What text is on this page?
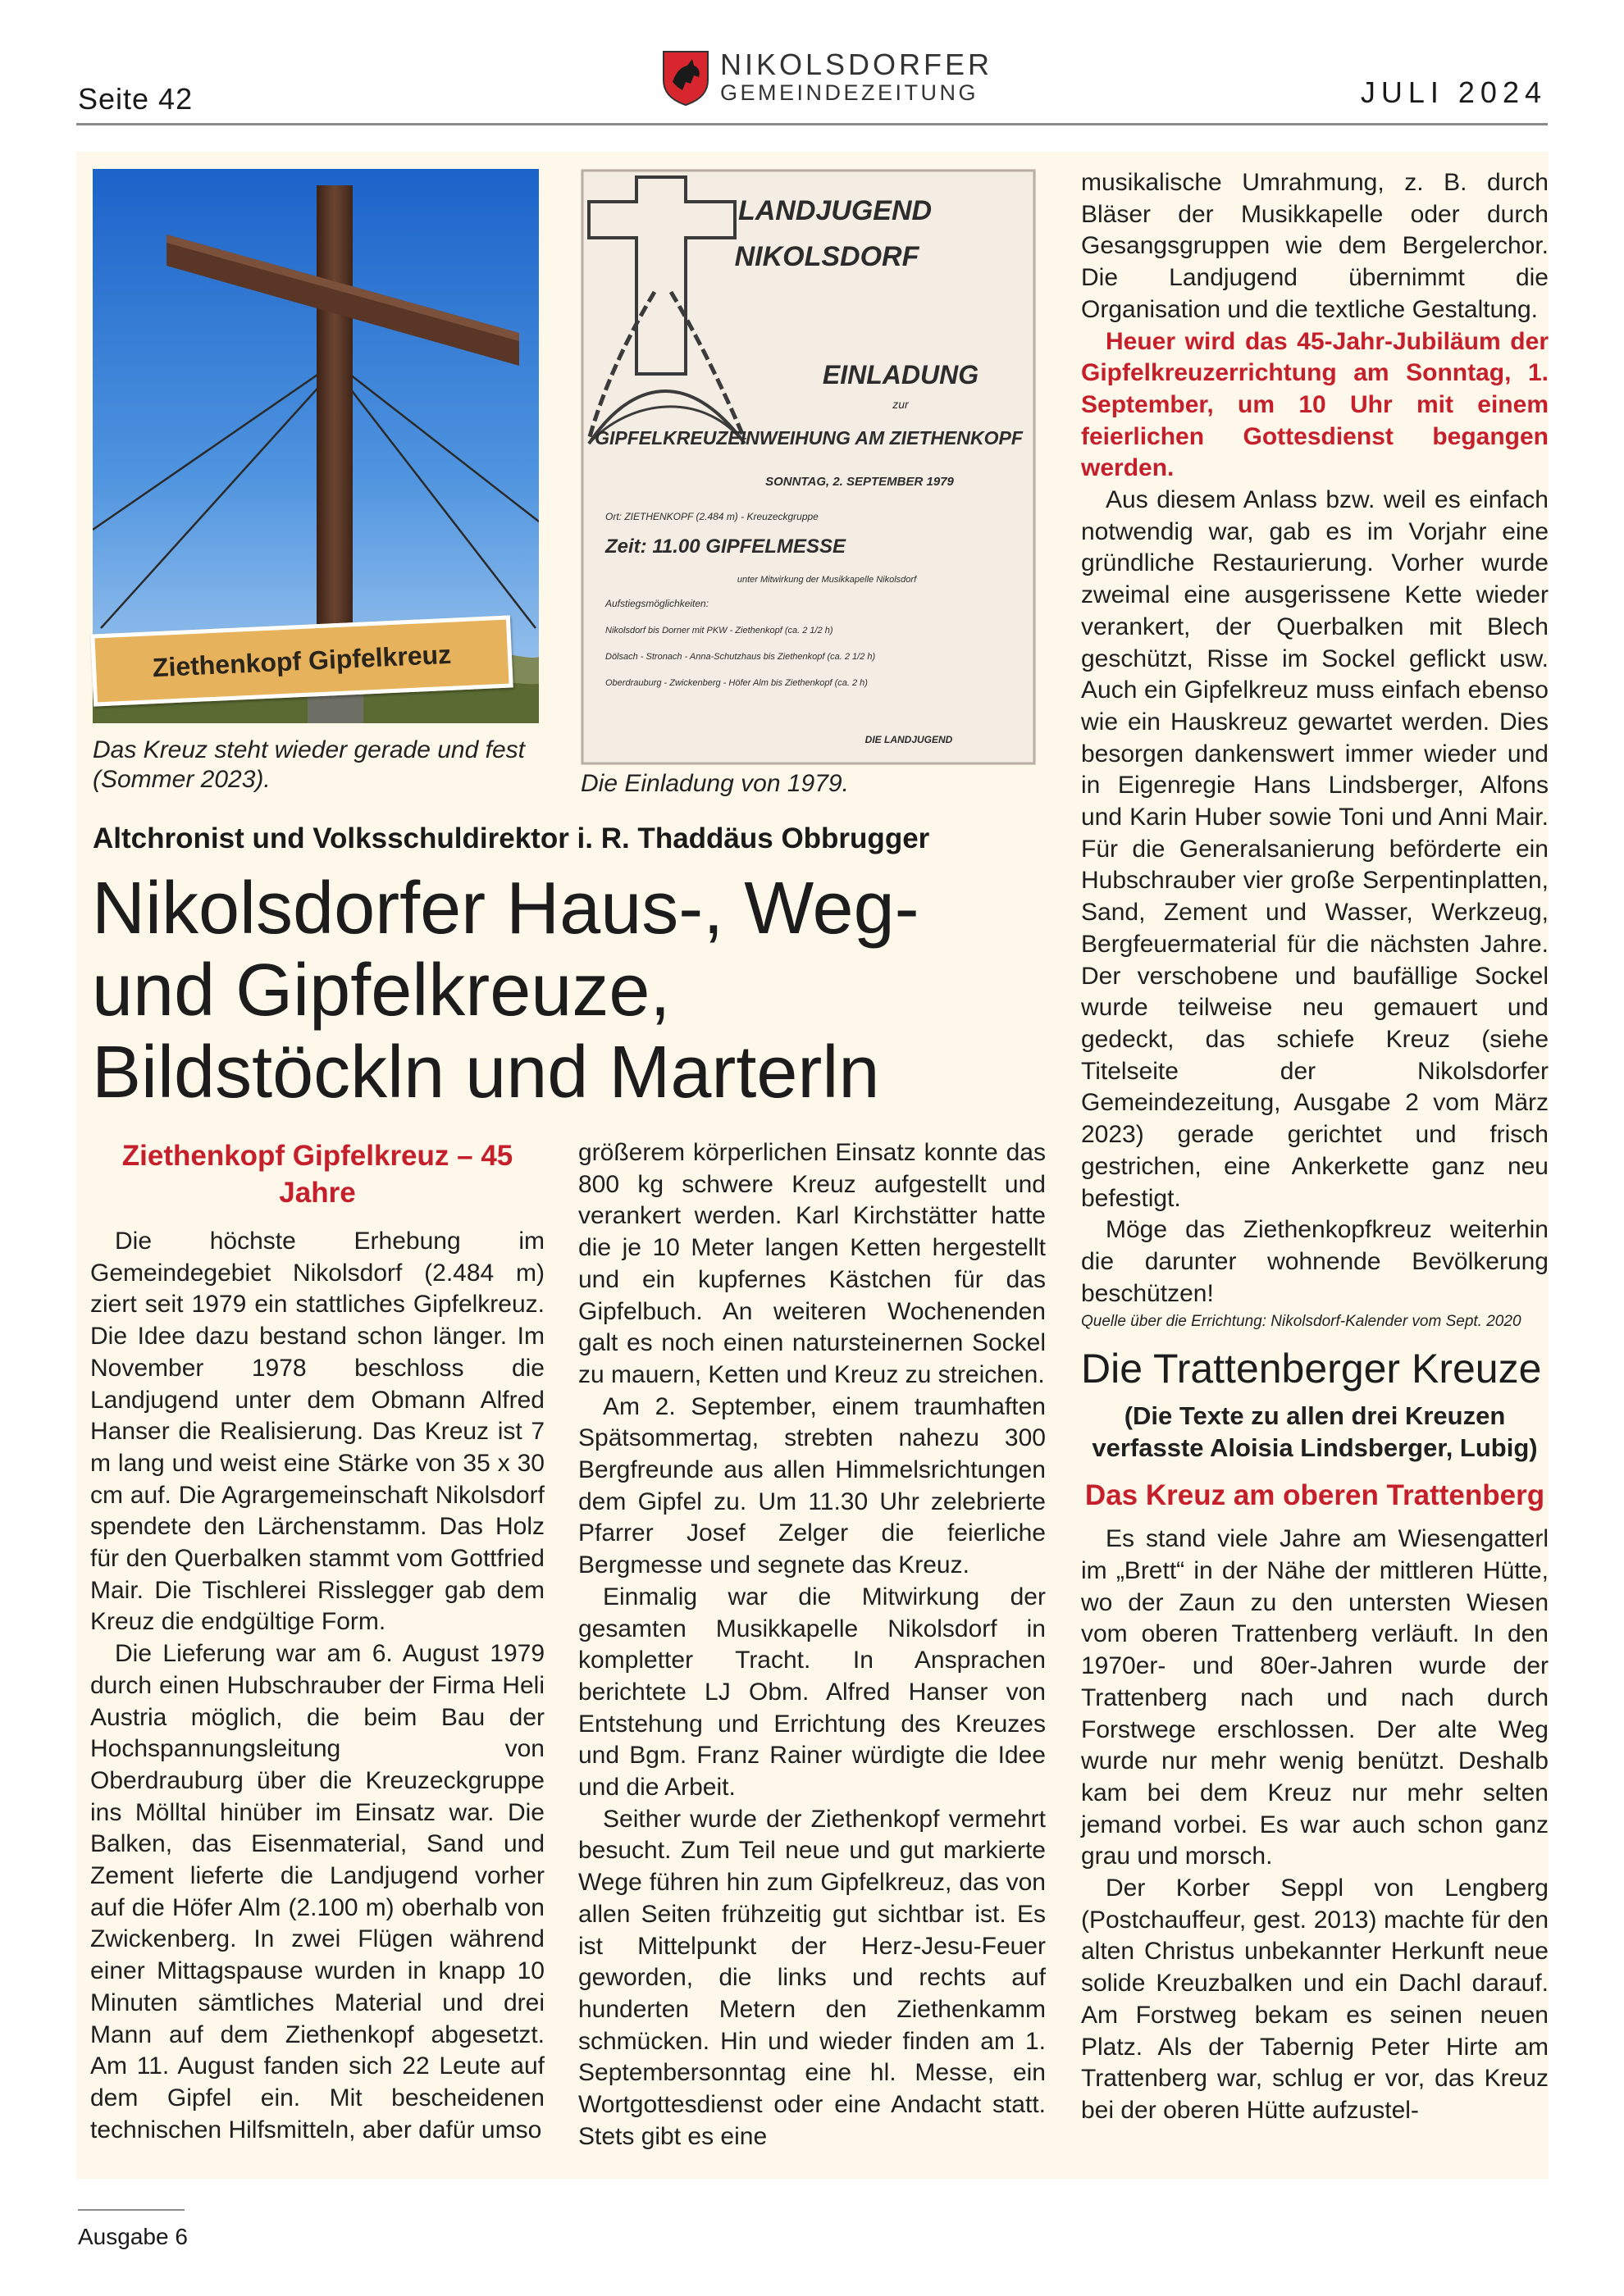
Seite 42
NIKOLSDORFER
GEMEINDEZEITUNG	JULI 2024
Ziethenkopf Gipfelkreuz
LANDJUGEND
NIKOLSDORF
EINLADUNG
zur
GIPFELKREUZEINWEIHUNG AM ZIETHENKOPF
SONNTAG, 2. SEPTEMBER 1979
Ort: ZIETHENKOPF (2.484 m) - Kreuzeckgruppe
Zeit: 11.00 GIPFELMESSE
unter Mitwirkung der Musikkapelle Nikolsdorf
Aufstiegsmöglichkeiten:
Nikolsdorf bis Dorner mit PKW - Ziethenkopf (ca. 2 1/2 h)
Dölsach - Stronach - Anna-Schutzhaus bis Ziethenkopf (ca. 2 1/2 h)
Oberdrauburg - Zwickenberg - Höfer Alm bis Ziethenkopf (ca. 2 h)
DIE LANDJUGEND
Das Kreuz steht wieder gerade und fest (Sommer 2023).	Die Einladung von 1979.
Altchronist und Volksschuldirektor i. R. Thaddäus Obbrugger
Nikolsdorfer Haus-, Weg- und Gipfelkreuze, Bildstöckln und Marterln
Ziethenkopf Gipfelkreuz – 45 Jahre

Die höchste Erhebung im Gemeindegebiet Nikolsdorf (2.484 m) ziert seit 1979 ein stattliches Gipfelkreuz. Die Idee dazu bestand schon länger. Im November 1978 beschloss die Landjugend unter dem Obmann Alfred Hanser die Realisierung. Das Kreuz ist 7 m lang und weist eine Stärke von 35 x 30 cm auf. Die Agrargemeinschaft Nikolsdorf spendete den Lärchenstamm. Das Holz für den Querbalken stammt vom Gottfried Mair. Die Tischlerei Risslegger gab dem Kreuz die endgültige Form.

Die Lieferung war am 6. August 1979 durch einen Hubschrauber der Firma Heli Austria möglich, die beim Bau der Hochspannungsleitung von Oberdrauburg über die Kreuzeckgruppe ins Mölltal hinüber im Einsatz war. Die Balken, das Eisenmaterial, Sand und Zement lieferte die Landjugend vorher auf die Höfer Alm (2.100 m) oberhalb von Zwickenberg. In zwei Flügen während einer Mittagspause wurden in knapp 10 Minuten sämtliches Material und drei Mann auf dem Ziethenkopf abgesetzt. Am 11. August fanden sich 22 Leute auf dem Gipfel ein. Mit bescheidenen technischen Hilfsmitteln, aber dafür umso

größerem körperlichen Einsatz konnte das 800 kg schwere Kreuz aufgestellt und verankert werden. Karl Kirchstätter hatte die je 10 Meter langen Ketten hergestellt und ein kupfernes Kästchen für das Gipfelbuch. An weiteren Wochenenden galt es noch einen natursteinernen Sockel zu mauern, Ketten und Kreuz zu streichen.

Am 2. September, einem traumhaften Spätsommertag, strebten nahezu 300 Bergfreunde aus allen Himmelsrichtungen dem Gipfel zu. Um 11.30 Uhr zelebrierte Pfarrer Josef Zelger die feierliche Bergmesse und segnete das Kreuz.

Einmalig war die Mitwirkung der gesamten Musikkapelle Nikolsdorf in kompletter Tracht. In Ansprachen berichtete LJ Obm. Alfred Hanser von Entstehung und Errichtung des Kreuzes und Bgm. Franz Rainer würdigte die Idee und die Arbeit.

Seither wurde der Ziethenkopf vermehrt besucht. Zum Teil neue und gut markierte Wege führen hin zum Gipfelkreuz, das von allen Seiten frühzeitig gut sichtbar ist. Es ist Mittelpunkt der Herz-Jesu-Feuer geworden, die links und rechts auf hunderten Metern den Ziethenkamm schmücken. Hin und wieder finden am 1. Septembersonntag eine hl. Messe, ein Wortgottesdienst oder eine Andacht statt. Stets gibt es eine

musikalische Umrahmung, z. B. durch Bläser der Musikkapelle oder durch Gesangsgruppen wie dem Bergelerchor. Die Landjugend übernimmt die Organisation und die textliche Gestaltung.

Heuer wird das 45-Jahr-Jubiläum der Gipfelkreuzerrichtung am Sonntag, 1. September, um 10 Uhr mit einem feierlichen Gottesdienst begangen werden.

Aus diesem Anlass bzw. weil es einfach notwendig war, gab es im Vorjahr eine gründliche Restaurierung. Vorher wurde zweimal eine ausgerissene Kette wieder verankert, der Querbalken mit Blech geschützt, Risse im Sockel geflickt usw. Auch ein Gipfelkreuz muss einfach ebenso wie ein Hauskreuz gewartet werden. Dies besorgen dankenswert immer wieder und in Eigenregie Hans Lindsberger, Alfons und Karin Huber sowie Toni und Anni Mair. Für die Generalsanierung beförderte ein Hubschrauber vier große Serpentinplatten, Sand, Zement und Wasser, Werkzeug, Bergfeuermaterial für die nächsten Jahre. Der verschobene und baufällige Sockel wurde teilweise neu gemauert und gedeckt, das schiefe Kreuz (siehe Titelseite der Nikolsdorfer Gemeindezeitung, Ausgabe 2 vom März 2023) gerade gerichtet und frisch gestrichen, eine Ankerkette ganz neu befestigt.

Möge das Ziethenkopfkreuz weiterhin die darunter wohnende Bevölkerung beschützen!

Quelle über die Errichtung: Nikolsdorf-Kalender vom Sept. 2020

Die Trattenberger Kreuze

(Die Texte zu allen drei Kreuzen verfasste Aloisia Lindsberger, Lubig)

Das Kreuz am oberen Trattenberg

Es stand viele Jahre am Wiesengatterl im „Brett“ in der Nähe der mittleren Hütte, wo der Zaun zu den untersten Wiesen vom oberen Trattenberg verläuft. In den 1970er- und 80er-Jahren wurde der Trattenberg nach und nach durch Forstwege erschlossen. Der alte Weg wurde nur mehr wenig benützt. Deshalb kam bei dem Kreuz nur mehr selten jemand vorbei. Es war auch schon ganz grau und morsch.

Der Korber Seppl von Lengberg (Postchauffeur, gest. 2013) machte für den alten Christus unbekannter Herkunft neue solide Kreuzbalken und ein Dachl darauf. Am Forstweg bekam es seinen neuen Platz. Als der Tabernig Peter Hirte am Trattenberg war, schlug er vor, das Kreuz bei der oberen Hütte aufzustel-

Ausgabe 6
